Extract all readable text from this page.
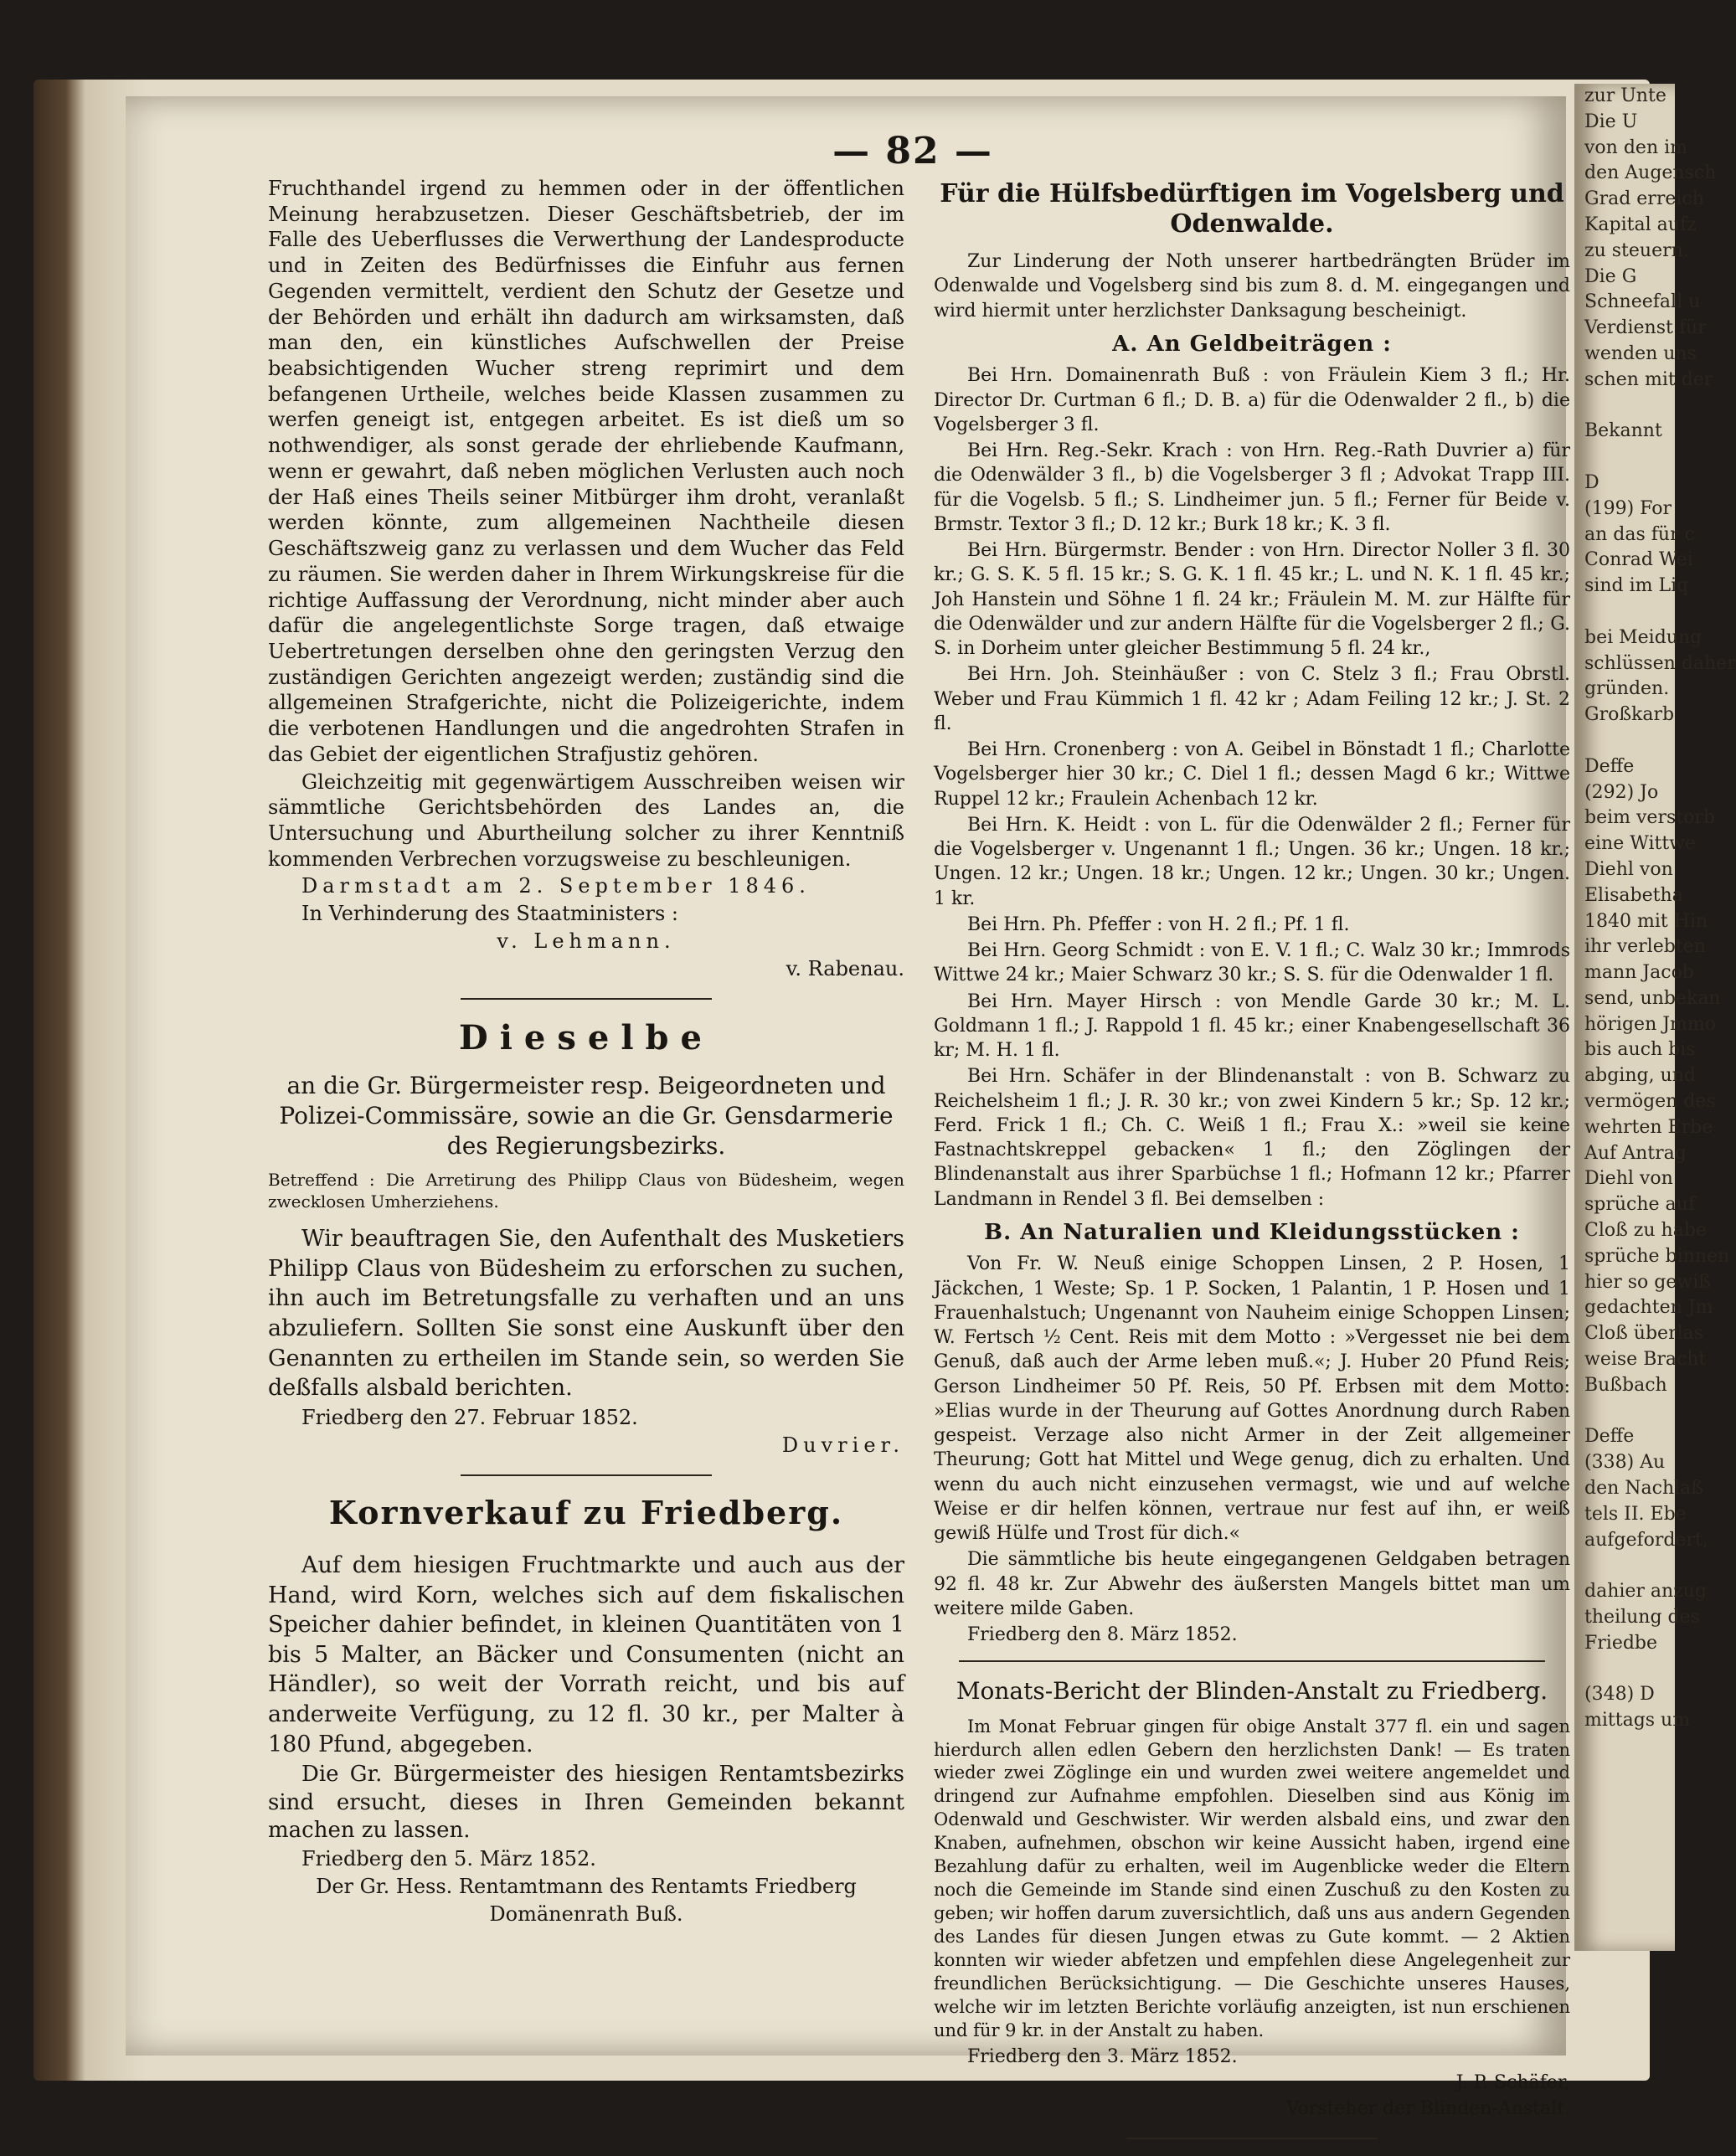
zur Unte
Die U
von den im
den Augensch
Grad erreich
Kapital aufz
zu steuern.
Die G
Schneefall u
Verdienst für
wenden uns
schen mit der

Bekannt

D
(199) For
an das für c
Conrad Wei
sind im Liq

bei Meidung
schlüssen daher
gründen.
Großkarb

Deffe
(292) Jo
beim verstorb
eine Wittwe
Diehl von
Elisabetha
1840 mit Hin
ihr verlebten
mann Jacob
send, unbekan
hörigen Jmmo
bis auch bis
abging, und
vermögen des
wehrten Erbe
Auf Antrag
Diehl von
sprüche auf
Cloß zu habe
sprüche binnen
hier so gewiß
gedachten Jm
Cloß überlas
weise Bracht
Bußbach

Deffe
(338) Au
den Nachlaß
tels II. Ebe
aufgefordert,

dahier anzug
theilung des
Friedbe

(348) D
mittags um
— 82 —

Fruchthandel irgend zu hemmen oder in der öffentlichen Meinung herabzusetzen. Dieser Geschäftsbetrieb, der im Falle des Ueberflusses die Verwerthung der Landesproducte und in Zeiten des Bedürfnisses die Einfuhr aus fernen Gegenden vermittelt, verdient den Schutz der Gesetze und der Behörden und erhält ihn dadurch am wirksamsten, daß man den, ein künstliches Aufschwellen der Preise beabsichtigenden Wucher streng reprimirt und dem befangenen Urtheile, welches beide Klassen zusammen zu werfen geneigt ist, entgegen arbeitet. Es ist dieß um so nothwendiger, als sonst gerade der ehrliebende Kaufmann, wenn er gewahrt, daß neben möglichen Verlusten auch noch der Haß eines Theils seiner Mitbürger ihm droht, veranlaßt werden könnte, zum allgemeinen Nachtheile diesen Geschäftszweig ganz zu verlassen und dem Wucher das Feld zu räumen. Sie werden daher in Ihrem Wirkungskreise für die richtige Auffassung der Verordnung, nicht minder aber auch dafür die angelegentlichste Sorge tragen, daß etwaige Uebertretungen derselben ohne den geringsten Verzug den zuständigen Gerichten angezeigt werden; zuständig sind die allgemeinen Strafgerichte, nicht die Polizeigerichte, indem die verbotenen Handlungen und die angedrohten Strafen in das Gebiet der eigentlichen Strafjustiz gehören.

Gleichzeitig mit gegenwärtigem Ausschreiben weisen wir sämmtliche Gerichtsbehörden des Landes an, die Untersuchung und Aburtheilung solcher zu ihrer Kenntniß kommenden Verbrechen vorzugsweise zu beschleunigen.

Darmstadt am 2. September 1846.

In Verhinderung des Staatministers :

v. Lehmann.

v. Rabenau.

Dieselbe
an die Gr. Bürgermeister resp. Beigeordneten und Polizei-Commissäre, sowie an die Gr. Gensdarmerie des Regierungsbezirks.
Betreffend : Die Arretirung des Philipp Claus von Büdesheim, wegen zwecklosen Umherziehens.

Wir beauftragen Sie, den Aufenthalt des Musketiers Philipp Claus von Büdesheim zu erforschen zu suchen, ihn auch im Betretungsfalle zu verhaften und an uns abzuliefern. Sollten Sie sonst eine Auskunft über den Genannten zu ertheilen im Stande sein, so werden Sie deßfalls alsbald berichten.

Friedberg den 27. Februar 1852.

Duvrier.

Kornverkauf zu Friedberg.

Auf dem hiesigen Fruchtmarkte und auch aus der Hand, wird Korn, welches sich auf dem fiskalischen Speicher dahier befindet, in kleinen Quantitäten von 1 bis 5 Malter, an Bäcker und Consumenten (nicht an Händler), so weit der Vorrath reicht, und bis auf anderweite Verfügung, zu 12 fl. 30 kr., per Malter à 180 Pfund, abgegeben.

Die Gr. Bürgermeister des hiesigen Rentamtsbezirks sind ersucht, dieses in Ihren Gemeinden bekannt machen zu lassen.

Friedberg den 5. März 1852.

Der Gr. Hess. Rentamtmann des Rentamts Friedberg

Domänenrath Buß.

Für die Hülfsbedürftigen im Vogelsberg und Odenwalde.

Zur Linderung der Noth unserer hartbedrängten Brüder im Odenwalde und Vogelsberg sind bis zum 8. d. M. eingegangen und wird hiermit unter herzlichster Danksagung bescheinigt.

A. An Geldbeiträgen :

Bei Hrn. Domainenrath Buß : von Fräulein Kiem 3 fl.; Hr. Director Dr. Curtman 6 fl.; D. B. a) für die Odenwalder 2 fl., b) die Vogelsberger 3 fl.

Bei Hrn. Reg.-Sekr. Krach : von Hrn. Reg.-Rath Duvrier a) für die Odenwälder 3 fl., b) die Vogelsberger 3 fl ; Advokat Trapp III. für die Vogelsb. 5 fl.; S. Lindheimer jun. 5 fl.; Ferner für Beide v. Brmstr. Textor 3 fl.; D. 12 kr.; Burk 18 kr.; K. 3 fl.

Bei Hrn. Bürgermstr. Bender : von Hrn. Director Noller 3 fl. 30 kr.; G. S. K. 5 fl. 15 kr.; S. G. K. 1 fl. 45 kr.; L. und N. K. 1 fl. 45 kr.; Joh Hanstein und Söhne 1 fl. 24 kr.; Fräulein M. M. zur Hälfte für die Odenwälder und zur andern Hälfte für die Vogelsberger 2 fl.; G. S. in Dorheim unter gleicher Bestimmung 5 fl. 24 kr.,

Bei Hrn. Joh. Steinhäußer : von C. Stelz 3 fl.; Frau Obrstl. Weber und Frau Kümmich 1 fl. 42 kr ; Adam Feiling 12 kr.; J. St. 2 fl.

Bei Hrn. Cronenberg : von A. Geibel in Bönstadt 1 fl.; Charlotte Vogelsberger hier 30 kr.; C. Diel 1 fl.; dessen Magd 6 kr.; Wittwe Ruppel 12 kr.; Fraulein Achenbach 12 kr.

Bei Hrn. K. Heidt : von L. für die Odenwälder 2 fl.; Ferner für die Vogelsberger v. Ungenannt 1 fl.; Ungen. 36 kr.; Ungen. 18 kr.; Ungen. 12 kr.; Ungen. 18 kr.; Ungen. 12 kr.; Ungen. 30 kr.; Ungen. 1 kr.

Bei Hrn. Ph. Pfeffer : von H. 2 fl.; Pf. 1 fl.

Bei Hrn. Georg Schmidt : von E. V. 1 fl.; C. Walz 30 kr.; Immrods Wittwe 24 kr.; Maier Schwarz 30 kr.; S. S. für die Odenwalder 1 fl.

Bei Hrn. Mayer Hirsch : von Mendle Garde 30 kr.; M. L. Goldmann 1 fl.; J. Rappold 1 fl. 45 kr.; einer Knabengesellschaft 36 kr; M. H. 1 fl.

Bei Hrn. Schäfer in der Blindenanstalt : von B. Schwarz zu Reichelsheim 1 fl.; J. R. 30 kr.; von zwei Kindern 5 kr.; Sp. 12 kr.; Ferd. Frick 1 fl.; Ch. C. Weiß 1 fl.; Frau X.: »weil sie keine Fastnachtskreppel gebacken« 1 fl.; den Zöglingen der Blindenanstalt aus ihrer Sparbüchse 1 fl.; Hofmann 12 kr.; Pfarrer Landmann in Rendel 3 fl. Bei demselben :

B. An Naturalien und Kleidungsstücken :

Von Fr. W. Neuß einige Schoppen Linsen, 2 P. Hosen, 1 Jäckchen, 1 Weste; Sp. 1 P. Socken, 1 Palantin, 1 P. Hosen und 1 Frauenhalstuch; Ungenannt von Nauheim einige Schoppen Linsen; W. Fertsch ½ Cent. Reis mit dem Motto : »Vergesset nie bei dem Genuß, daß auch der Arme leben muß.«; J. Huber 20 Pfund Reis; Gerson Lindheimer 50 Pf. Reis, 50 Pf. Erbsen mit dem Motto: »Elias wurde in der Theurung auf Gottes Anordnung durch Raben gespeist. Verzage also nicht Armer in der Zeit allgemeiner Theurung; Gott hat Mittel und Wege genug, dich zu erhalten. Und wenn du auch nicht einzusehen vermagst, wie und auf welche Weise er dir helfen können, vertraue nur fest auf ihn, er weiß gewiß Hülfe und Trost für dich.«

Die sämmtliche bis heute eingegangenen Geldgaben betragen 92 fl. 48 kr. Zur Abwehr des äußersten Mangels bittet man um weitere milde Gaben.

Friedberg den 8. März 1852.

Monats-Bericht der Blinden-Anstalt zu Friedberg.

Im Monat Februar gingen für obige Anstalt 377 fl. ein und sagen hierdurch allen edlen Gebern den herzlichsten Dank! — Es traten wieder zwei Zöglinge ein und wurden zwei weitere angemeldet und dringend zur Aufnahme empfohlen. Dieselben sind aus König im Odenwald und Geschwister. Wir werden alsbald eins, und zwar den Knaben, aufnehmen, obschon wir keine Aussicht haben, irgend eine Bezahlung dafür zu erhalten, weil im Augenblicke weder die Eltern noch die Gemeinde im Stande sind einen Zuschuß zu den Kosten zu geben; wir hoffen darum zuversichtlich, daß uns aus andern Gegenden des Landes für diesen Jungen etwas zu Gute kommt. — 2 Aktien konnten wir wieder abfetzen und empfehlen diese Angelegenheit zur freundlichen Berücksichtigung. — Die Geschichte unseres Hauses, welche wir im letzten Berichte vorläufig anzeigten, ist nun erschienen und für 9 kr. in der Anstalt zu haben.

Friedberg den 3. März 1852.

J. P. Schäfer,

Vorsteher der Blinden-Anstalt.
